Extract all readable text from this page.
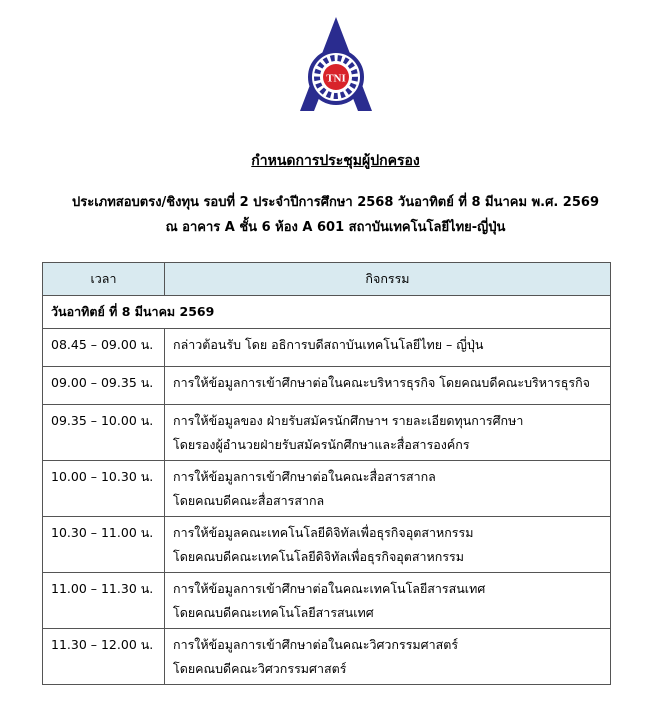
TNI
กำหนดการประชุมผู้ปกครอง
ประเภทสอบตรง/ชิงทุน รอบที่ 2 ประจำปีการศึกษา 2568 วันอาทิตย์ ที่ 8 มีนาคม พ.ศ. 2569
ณ อาคาร A ชั้น 6 ห้อง A 601 สถาบันเทคโนโลยีไทย-ญี่ปุ่น
เวลา	กิจกรรม
วันอาทิตย์ ที่ 8 มีนาคม 2569	
08.45 – 09.00 น.	กล่าวต้อนรับ โดย อธิการบดีสถาบันเทคโนโลยีไทย – ญี่ปุ่น

09.00 – 09.35 น.	การให้ข้อมูลการเข้าศึกษาต่อในคณะบริหารธุรกิจ โดยคณบดีคณะบริหารธุรกิจ

09.35 – 10.00 น.	การให้ข้อมูลของ ฝ่ายรับสมัครนักศึกษาฯ รายละเอียดทุนการศึกษา
โดยรองผู้อำนวยฝ่ายรับสมัครนักศึกษาและสื่อสารองค์กร

10.00 – 10.30 น.	การให้ข้อมูลการเข้าศึกษาต่อในคณะสื่อสารสากล
โดยคณบดีคณะสื่อสารสากล

10.30 – 11.00 น.	การให้ข้อมูลคณะเทคโนโลยีดิจิทัลเพื่อธุรกิจอุตสาหกรรม
โดยคณบดีคณะเทคโนโลยีดิจิทัลเพื่อธุรกิจอุตสาหกรรม

11.00 – 11.30 น.	การให้ข้อมูลการเข้าศึกษาต่อในคณะเทคโนโลยีสารสนเทศ
โดยคณบดีคณะเทคโนโลยีสารสนเทศ

11.30 – 12.00 น.	การให้ข้อมูลการเข้าศึกษาต่อในคณะวิศวกรรมศาสตร์
โดยคณบดีคณะวิศวกรรมศาสตร์
